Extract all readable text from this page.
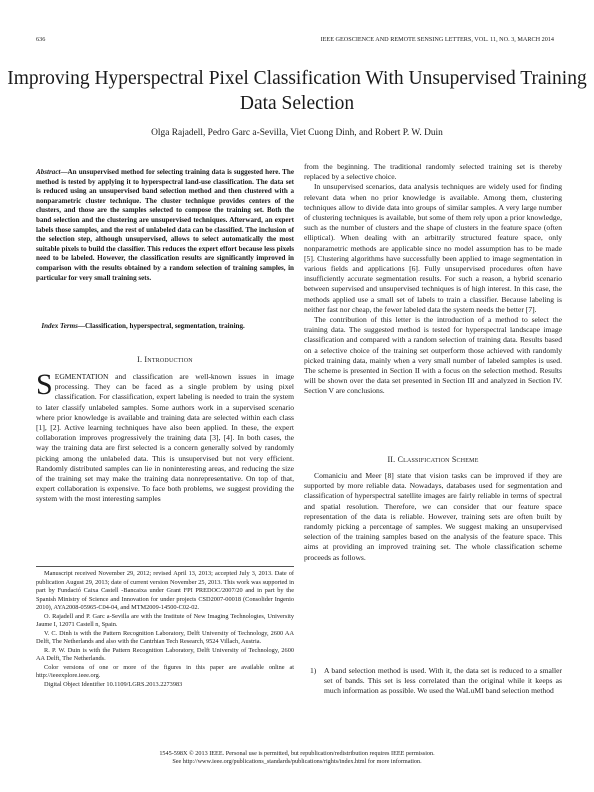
636	IEEE GEOSCIENCE AND REMOTE SENSING LETTERS, VOL. 11, NO. 3, MARCH 2014
Improving Hyperspectral Pixel Classification With Unsupervised Training Data Selection
Olga Rajadell, Pedro Garc a-Sevilla, Viet Cuong Dinh, and Robert P. W. Duin

Abstract—An unsupervised method for selecting training data is suggested here. The method is tested by applying it to hyperspectral land-use classification. The data set is reduced using an unsupervised band selection method and then clustered with a nonparametric cluster technique. The cluster technique provides centers of the clusters, and those are the samples selected to compose the training set. Both the band selection and the clustering are unsupervised techniques. Afterward, an expert labels those samples, and the rest of unlabeled data can be classified. The inclusion of the selection step, although unsupervised, allows to select automatically the most suitable pixels to build the classifier. This reduces the expert effort because less pixels need to be labeled. However, the classification results are significantly improved in comparison with the results obtained by a random selection of training samples, in particular for very small training sets.

Index Terms—Classification, hyperspectral, segmentation, training.

I. Introduction

SEGMENTATION and classification are well-known issues in image processing. They can be faced as a single problem by using pixel classification. For classification, expert labeling is needed to train the system to later classify unlabeled samples. Some authors work in a supervised scenario where prior knowledge is available and training data are selected within each class [1], [2]. Active learning techniques have also been applied. In these, the expert collaboration improves progressively the training data [3], [4]. In both cases, the way the training data are first selected is a concern generally solved by randomly picking among the unlabeled data. This is unsupervised but not very efficient. Randomly distributed samples can lie in noninteresting areas, and reducing the size of the training set may make the training data nonrepresentative. On top of that, expert collaboration is expensive. To face both problems, we suggest providing the system with the most interesting samples

Manuscript received November 29, 2012; revised April 13, 2013; accepted July 3, 2013. Date of publication August 29, 2013; date of current version November 25, 2013. This work was supported in part by Fundació Caixa Castell -Bancaixa under Grant FPI PREDOC/2007/20 and in part by the Spanish Ministry of Science and Innovation for under projects CSD2007-00018 (Consolider Ingenio 2010), AYA2008-05965-C04-04, and MTM2009-14500-C02-02.

O. Rajadell and P. Garc a-Sevilla are with the Institute of New Imaging Technologies, University Jaume I, 12071 Castell n, Spain.

V. C. Dinh is with the Pattern Recognition Laboratory, Delft University of Technology, 2600 AA Delft, The Netherlands and also with the Cantrhian Tech Research, 9524 Villach, Austria.

R. P. W. Duin is with the Pattern Recognition Laboratory, Delft University of Technology, 2600 AA Delft, The Netherlands.

Color versions of one or more of the figures in this paper are available online at http://ieeexplore.ieee.org.

Digital Object Identifier 10.1109/LGRS.2013.2273983

from the beginning. The traditional randomly selected training set is thereby replaced by a selective choice.

In unsupervised scenarios, data analysis techniques are widely used for finding relevant data when no prior knowledge is available. Among them, clustering techniques allow to divide data into groups of similar samples. A very large number of clustering techniques is available, but some of them rely upon a prior knowledge, such as the number of clusters and the shape of clusters in the feature space (often elliptical). When dealing with an arbitrarily structured feature space, only nonparametric methods are applicable since no model assumption has to be made [5]. Clustering algorithms have successfully been applied to image segmentation in various fields and applications [6]. Fully unsupervised procedures often have insufficiently accurate segmentation results. For such a reason, a hybrid scenario between supervised and unsupervised techniques is of high interest. In this case, the methods applied use a small set of labels to train a classifier. Because labeling is neither fast nor cheap, the fewer labeled data the system needs the better [7].

The contribution of this letter is the introduction of a method to select the training data. The suggested method is tested for hyperspectral landscape image classification and compared with a random selection of training data. Results based on a selective choice of the training set outperform those achieved with randomly picked training data, mainly when a very small number of labeled samples is used. The scheme is presented in Section II with a focus on the selection method. Results will be shown over the data set presented in Section III and analyzed in Section IV. Section V are conclusions.

II. Classification Scheme

Comaniciu and Meer [8] state that vision tasks can be improved if they are supported by more reliable data. Nowadays, databases used for segmentation and classification of hyperspectral satellite images are fairly reliable in terms of spectral and spatial resolution. Therefore, we can consider that our feature space representation of the data is reliable. However, training sets are often built by randomly picking a percentage of samples. We suggest making an unsupervised selection of the training samples based on the analysis of the feature space. This aims at providing an improved training set. The whole classification scheme proceeds as follows.

1) A band selection method is used. With it, the data set is reduced to a smaller set of bands. This set is less correlated than the original while it keeps as much information as possible. We used the WaLuMI band selection method

1545-598X © 2013 IEEE. Personal use is permitted, but republication/redistribution requires IEEE permission.
See http://www.ieee.org/publications_standards/publications/rights/index.html for more information.
